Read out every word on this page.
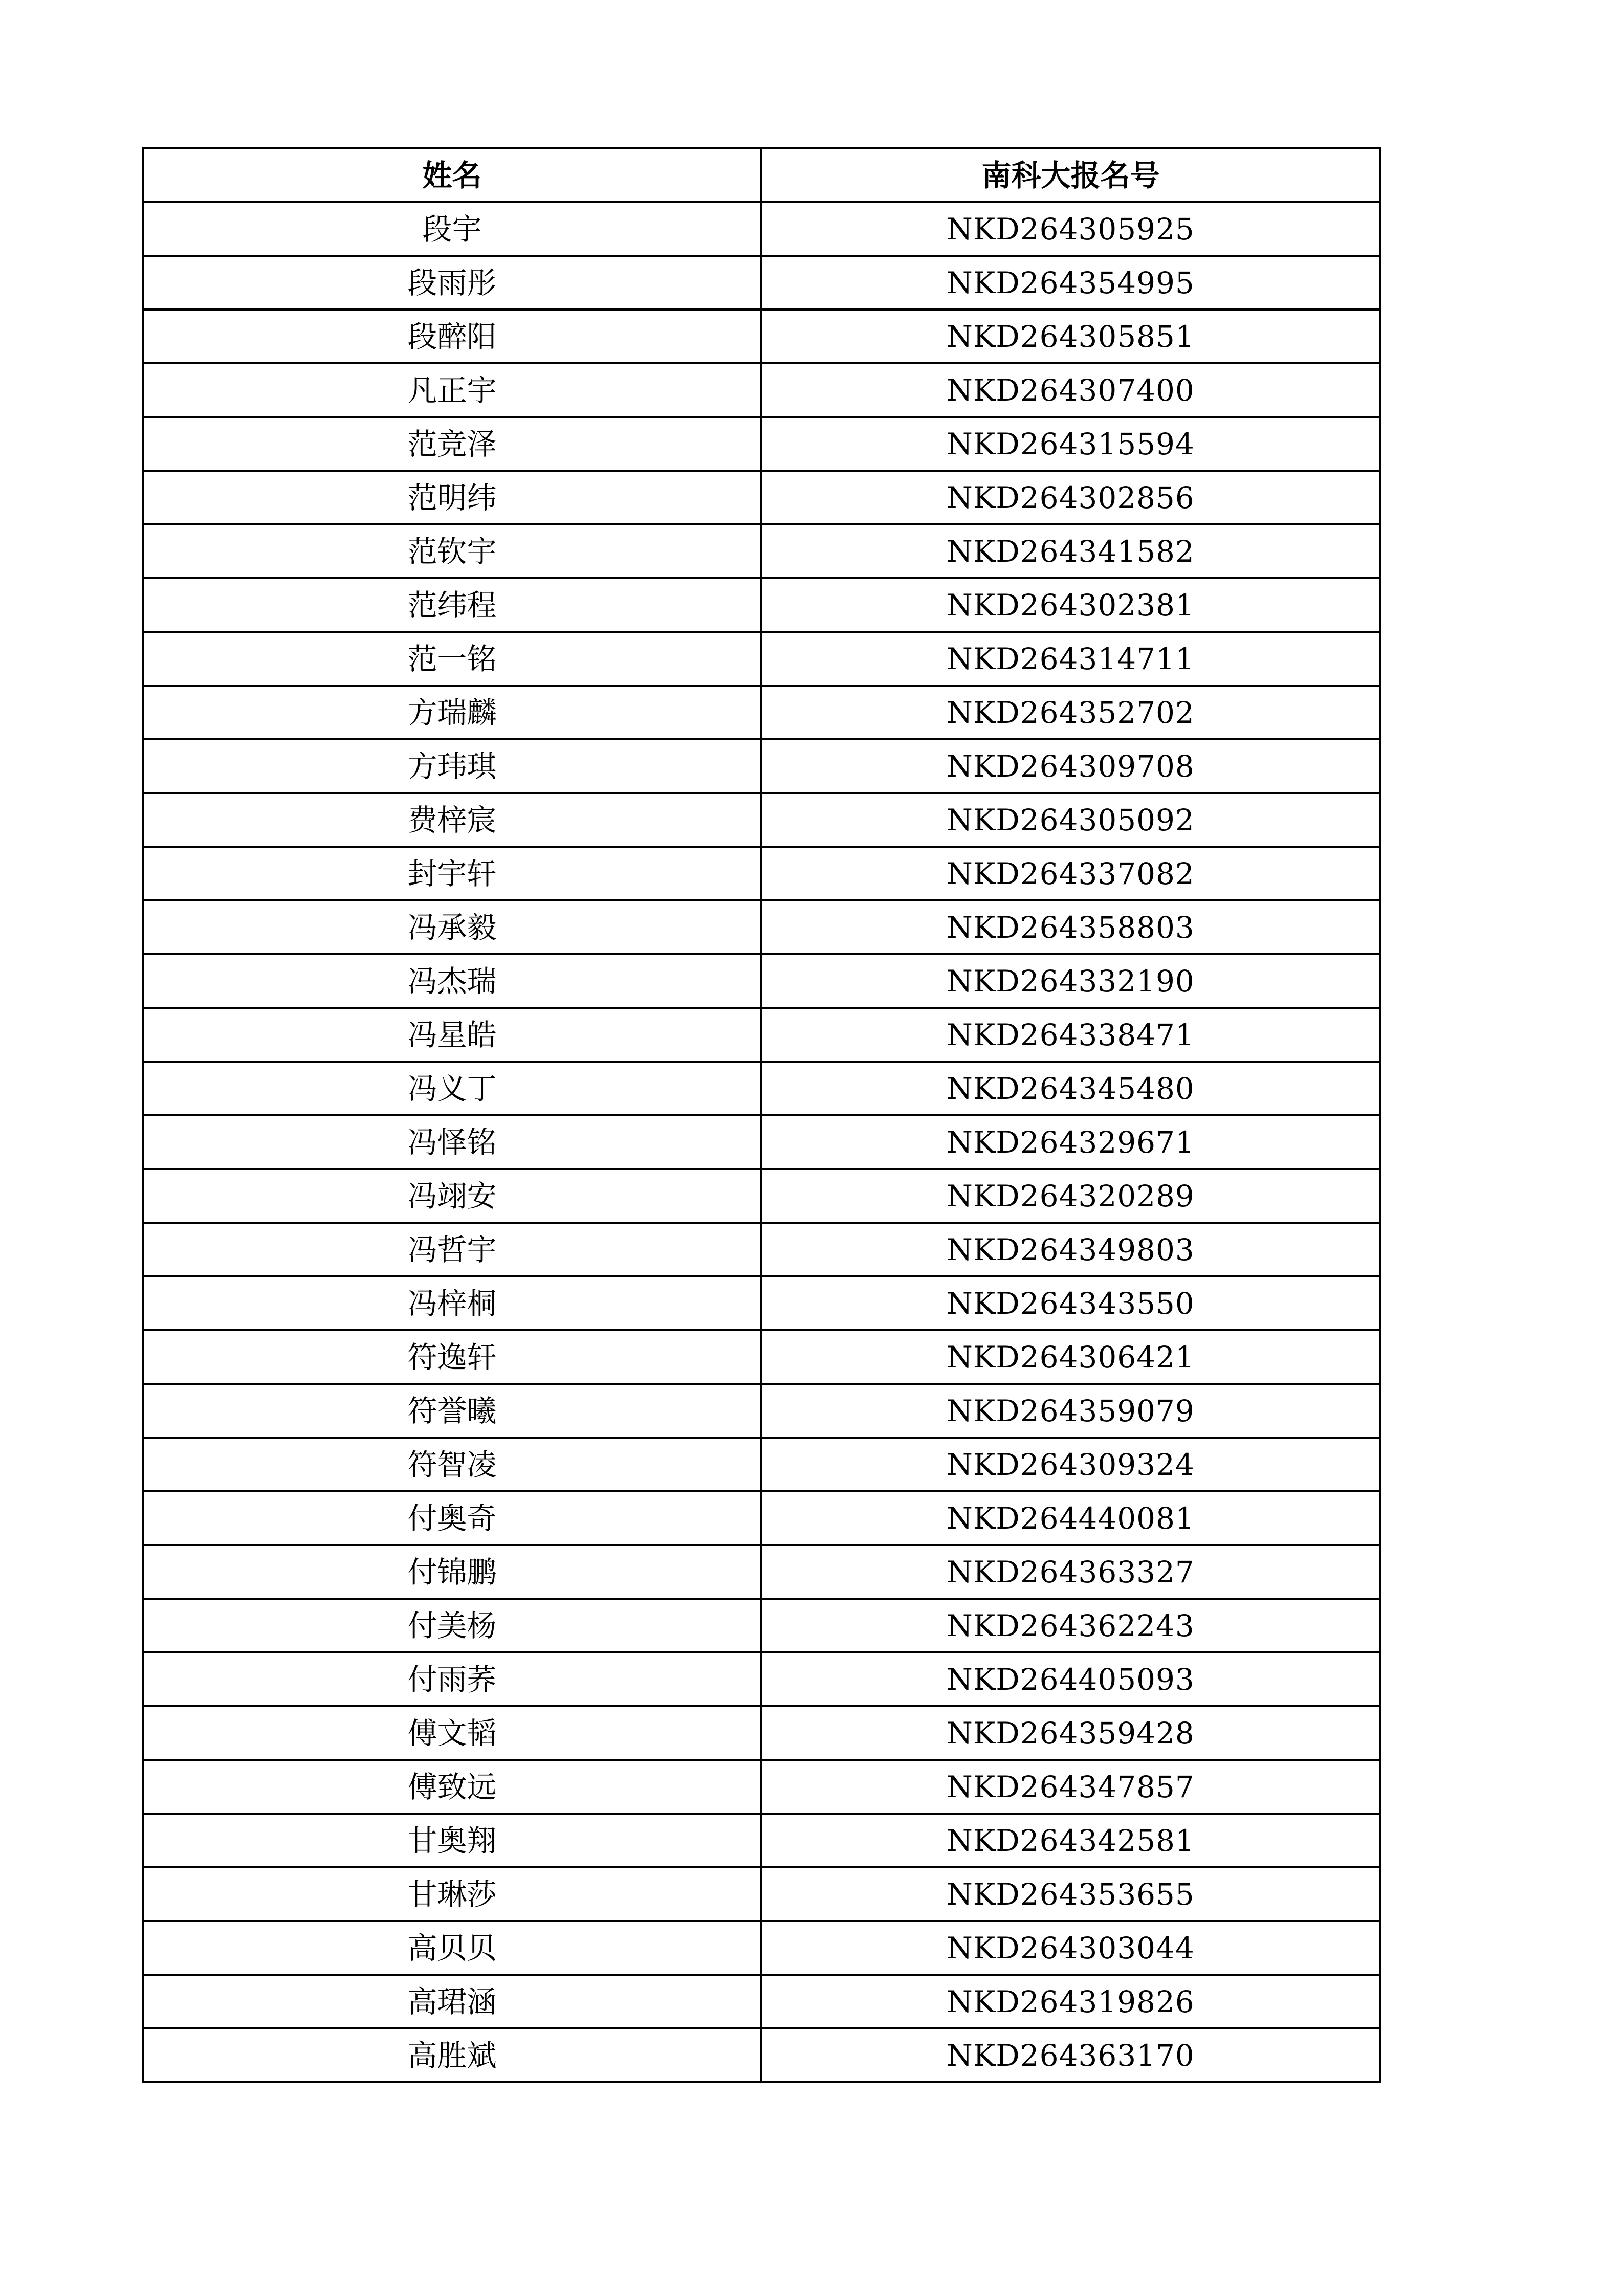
姓名	南科大报名号
段宇	NKD264305925
段雨彤	NKD264354995
段醉阳	NKD264305851
凡正宇	NKD264307400
范竞泽	NKD264315594
范明纬	NKD264302856
范钦宇	NKD264341582
范纬程	NKD264302381
范一铭	NKD264314711
方瑞麟	NKD264352702
方玮琪	NKD264309708
费梓宸	NKD264305092
封宇轩	NKD264337082
冯承毅	NKD264358803
冯杰瑞	NKD264332190
冯星皓	NKD264338471
冯义丁	NKD264345480
冯怿铭	NKD264329671
冯翊安	NKD264320289
冯哲宇	NKD264349803
冯梓桐	NKD264343550
符逸轩	NKD264306421
符誉曦	NKD264359079
符智凌	NKD264309324
付奥奇	NKD264440081
付锦鹏	NKD264363327
付美杨	NKD264362243
付雨荞	NKD264405093
傅文韬	NKD264359428
傅致远	NKD264347857
甘奥翔	NKD264342581
甘琳莎	NKD264353655
高贝贝	NKD264303044
高珺涵	NKD264319826
高胜斌	NKD264363170
